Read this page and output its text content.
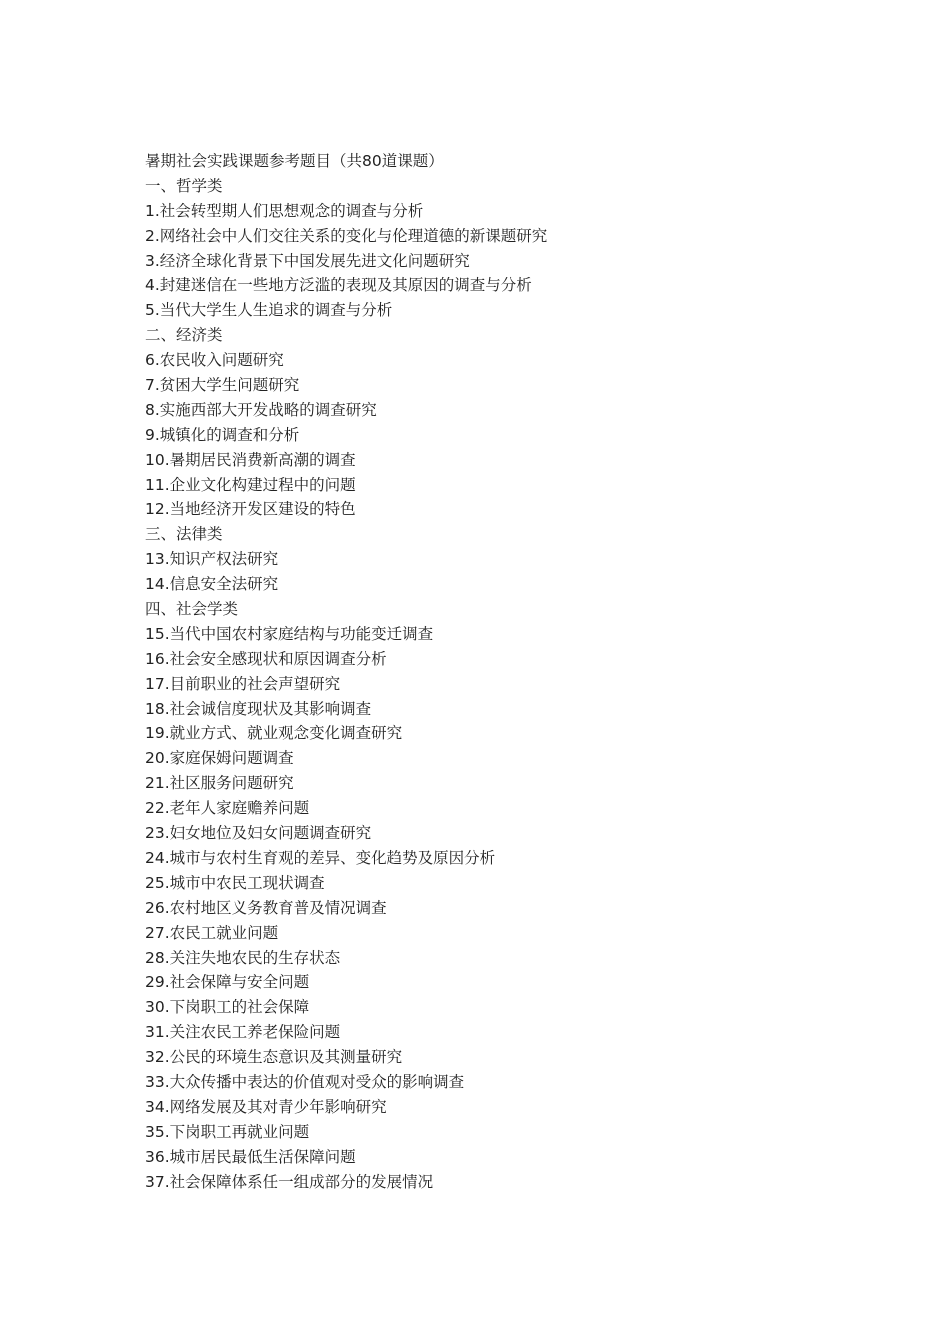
暑期社会实践课题参考题目（共80道课题）
一、哲学类
1.社会转型期人们思想观念的调查与分析
2.网络社会中人们交往关系的变化与伦理道德的新课题研究
3.经济全球化背景下中国发展先进文化问题研究
4.封建迷信在一些地方泛滥的表现及其原因的调查与分析
5.当代大学生人生追求的调查与分析
二、经济类
6.农民收入问题研究
7.贫困大学生问题研究
8.实施西部大开发战略的调查研究
9.城镇化的调查和分析
10.暑期居民消费新高潮的调查
11.企业文化构建过程中的问题
12.当地经济开发区建设的特色
三、法律类
13.知识产权法研究
14.信息安全法研究
四、社会学类
15.当代中国农村家庭结构与功能变迁调查
16.社会安全感现状和原因调查分析
17.目前职业的社会声望研究
18.社会诚信度现状及其影响调查
19.就业方式、就业观念变化调查研究
20.家庭保姆问题调查
21.社区服务问题研究
22.老年人家庭赡养问题
23.妇女地位及妇女问题调查研究
24.城市与农村生育观的差异、变化趋势及原因分析
25.城市中农民工现状调查
26.农村地区义务教育普及情况调查
27.农民工就业问题
28.关注失地农民的生存状态
29.社会保障与安全问题
30.下岗职工的社会保障
31.关注农民工养老保险问题
32.公民的环境生态意识及其测量研究
33.大众传播中表达的价值观对受众的影响调查
34.网络发展及其对青少年影响研究
35.下岗职工再就业问题
36.城市居民最低生活保障问题
37.社会保障体系任一组成部分的发展情况
